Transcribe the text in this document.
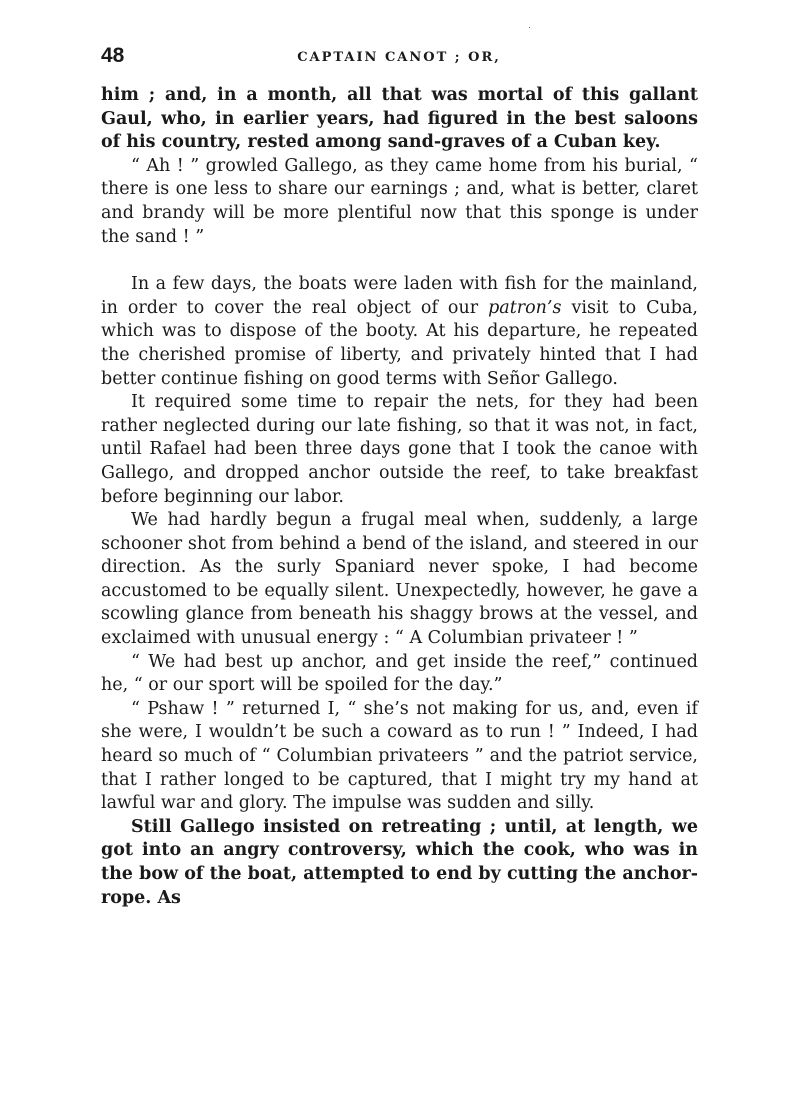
·
48	CAPTAIN CANOT ; OR,

him ; and, in a month, all that was mortal of this gallant Gaul, who, in earlier years, had figured in the best saloons of his country, rested among sand-graves of a Cuban key.

“ Ah ! ” growled Gallego, as they came home from his burial, “ there is one less to share our earnings ; and, what is better, claret and brandy will be more plentiful now that this sponge is under the sand ! ”

In a few days, the boats were laden with fish for the mainland, in order to cover the real object of our patron’s visit to Cuba, which was to dispose of the booty. At his departure, he repeated the cherished promise of liberty, and privately hinted that I had better continue fishing on good terms with Señor Gallego.

It required some time to repair the nets, for they had been rather neglected during our late fishing, so that it was not, in fact, until Rafael had been three days gone that I took the canoe with Gallego, and dropped anchor outside the reef, to take breakfast before beginning our labor.

We had hardly begun a frugal meal when, suddenly, a large schooner shot from behind a bend of the island, and steered in our direction. As the surly Spaniard never spoke, I had become accustomed to be equally silent. Unexpectedly, however, he gave a scowling glance from beneath his shaggy brows at the vessel, and exclaimed with unusual energy : “ A Columbian privateer ! ”

“ We had best up anchor, and get inside the reef,” continued he, “ or our sport will be spoiled for the day.”

“ Pshaw ! ” returned I, “ she’s not making for us, and, even if she were, I wouldn’t be such a coward as to run ! ” Indeed, I had heard so much of “ Columbian privateers ” and the patriot service, that I rather longed to be captured, that I might try my hand at lawful war and glory. The impulse was sudden and silly.

Still Gallego insisted on retreating ; until, at length, we got into an angry controversy, which the cook, who was in the bow of the boat, attempted to end by cutting the anchor-rope. As
